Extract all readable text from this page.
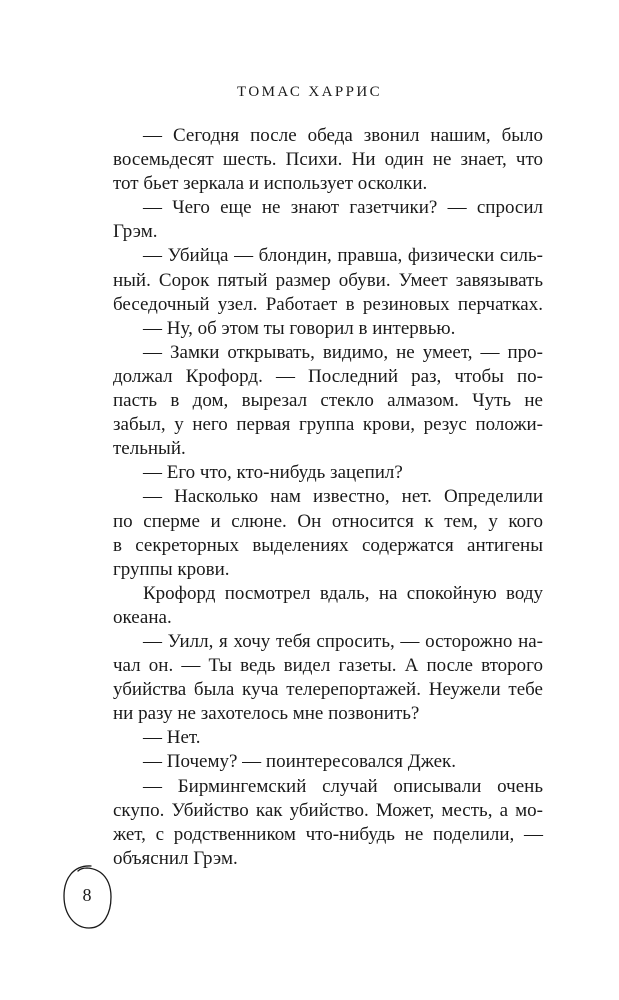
ТОМАС ХАРРИС
— Сегодня после обеда звонил нашим, было
восемьдесят шесть. Психи. Ни один не знает, что
тот бьет зеркала и использует осколки.
— Чего еще не знают газетчики? — спросил
Грэм.
— Убийца — блондин, правша, физически силь-
ный. Сорок пятый размер обуви. Умеет завязывать
беседочный узел. Работает в резиновых перчатках.
— Ну, об этом ты говорил в интервью.
— Замки открывать, видимо, не умеет, — про-
должал Крофорд. — Последний раз, чтобы по-
пасть в дом, вырезал стекло алмазом. Чуть не
забыл, у него первая группа крови, резус положи-
тельный.
— Его что, кто-нибудь зацепил?
— Насколько нам известно, нет. Определили
по сперме и слюне. Он относится к тем, у кого
в секреторных выделениях содержатся антигены
группы крови.
Крофорд посмотрел вдаль, на спокойную воду
океана.
— Уилл, я хочу тебя спросить, — осторожно на-
чал он. — Ты ведь видел газеты. А после второго
убийства была куча телерепортажей. Неужели тебе
ни разу не захотелось мне позвонить?
— Нет.
— Почему? — поинтересовался Джек.
— Бирмингемский случай описывали очень
скупо. Убийство как убийство. Может, месть, а мо-
жет, с родственником что-нибудь не поделили, —
объяснил Грэм.
8
